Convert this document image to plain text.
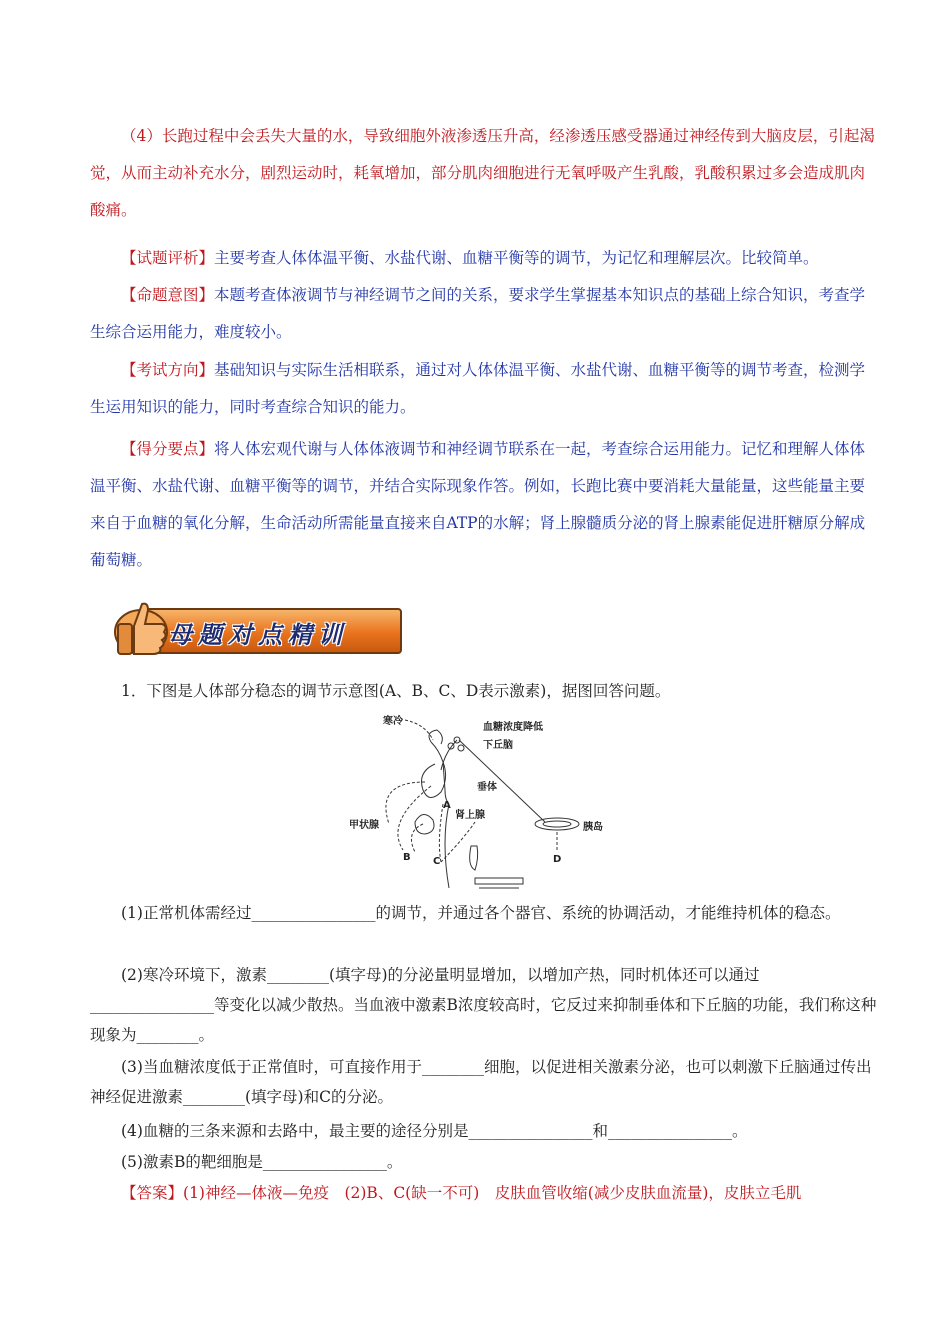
（4）长跑过程中会丢失大量的水，导致细胞外液渗透压升高，经渗透压感受器通过神经传到大脑皮层，引起渴觉，从而主动补充水分，剧烈运动时，耗氧增加，部分肌肉细胞进行无氧呼吸产生乳酸，乳酸积累过多会造成肌肉酸痛。
【试题评析】主要考查人体体温平衡、水盐代谢、血糖平衡等的调节，为记忆和理解层次。比较简单。
【命题意图】本题考查体液调节与神经调节之间的关系，要求学生掌握基本知识点的基础上综合知识，考查学生综合运用能力，难度较小。
【考试方向】基础知识与实际生活相联系，通过对人体体温平衡、水盐代谢、血糖平衡等的调节考查，检测学生运用知识的能力，同时考查综合知识的能力。
【得分要点】将人体宏观代谢与人体体液调节和神经调节联系在一起，考查综合运用能力。记忆和理解人体体温平衡、水盐代谢、血糖平衡等的调节，并结合实际现象作答。例如，长跑比赛中要消耗大量能量，这些能量主要来自于血糖的氧化分解，生命活动所需能量直接来自ATP的水解；肾上腺髓质分泌的肾上腺素能促进肝糖原分解成葡萄糖。
母题对点精训
1．下图是人体部分稳态的调节示意图(A、B、C、D表示激素)，据图回答问题。
寒冷
血糖浓度降低
下丘脑
垂体
甲状腺
肾上腺
胰岛
A
B C	D
(1)正常机体需经过________________的调节，并通过各个器官、系统的协调活动，才能维持机体的稳态。
(2)寒冷环境下，激素________(填字母)的分泌量明显增加，以增加产热，同时机体还可以通过________________等变化以减少散热。当血液中激素B浓度较高时，它反过来抑制垂体和下丘脑的功能，我们称这种现象为________。
(3)当血糖浓度低于正常值时，可直接作用于________细胞，以促进相关激素分泌，也可以刺激下丘脑通过传出神经促进激素________(填字母)和C的分泌。
(4)血糖的三条来源和去路中，最主要的途径分别是________________和________________。
(5)激素B的靶细胞是________________。
【答案】(1)神经—体液—免疫　(2)B、C(缺一不可)　皮肤血管收缩(减少皮肤血流量)，皮肤立毛肌
